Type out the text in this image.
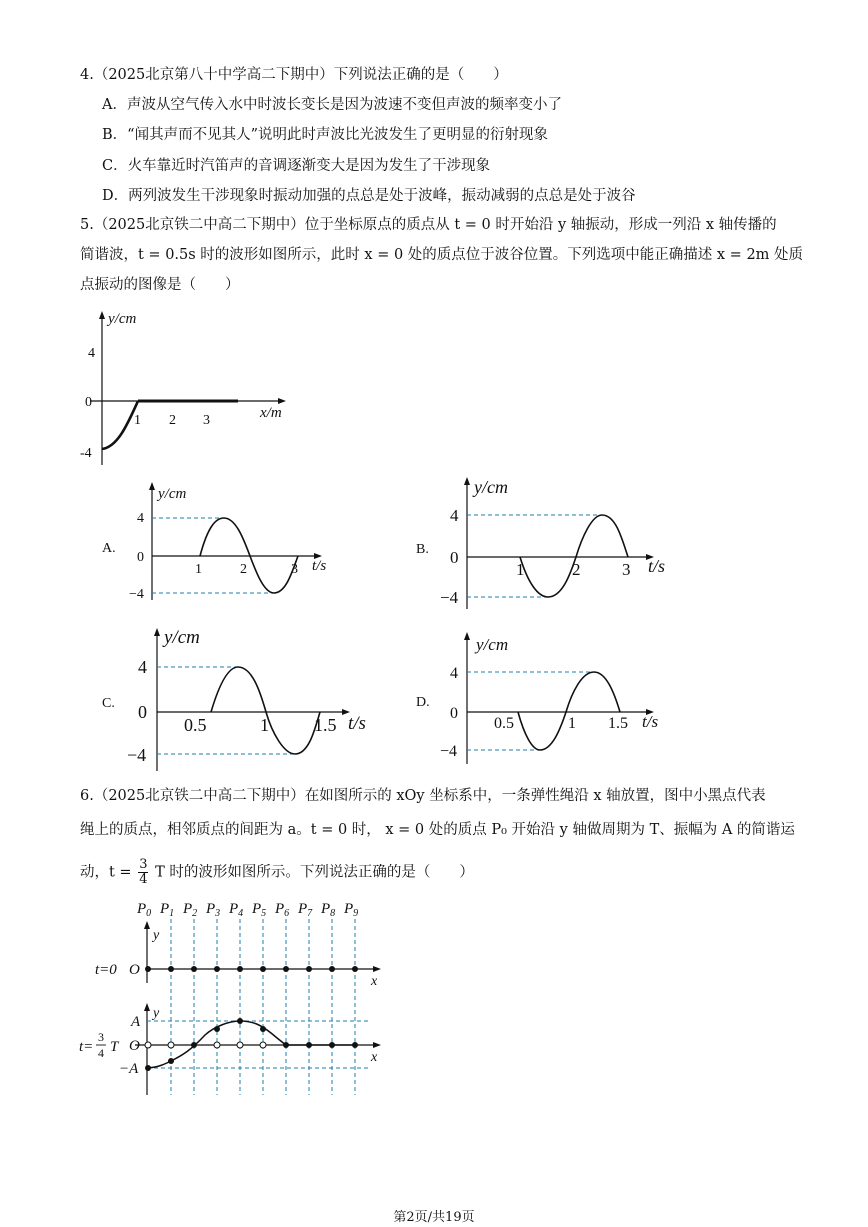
4.（2025北京第八十中学高二下期中）下列说法正确的是（　　）
A．声波从空气传入水中时波长变长是因为波速不变但声波的频率变小了
B．“闻其声而不见其人”说明此时声波比光波发生了更明显的衍射现象
C．火车靠近时汽笛声的音调逐渐变大是因为发生了干涉现象
D．两列波发生干涉现象时振动加强的点总是处于波峰，振动减弱的点总是处于波谷
5.（2025北京铁二中高二下期中）位于坐标原点的质点从 t = 0 时开始沿 y 轴振动，形成一列沿 x 轴传播的
简谐波，t = 0.5s 时的波形如图所示，此时 x = 0 处的质点位于波谷位置。下列选项中能正确描述 x = 2m 处质
点振动的图像是（　　）
y/cm
x/m
4
0
-4
1 2 3
A.
y/cm
t/s
4
0
−4
1	2	3
B.
y/cm
t/s
4
0
−4
1	2 3
C.
y/cm
t/s
4
0
−4
0.5	1	1.5
D.
y/cm
t/s
4
0
−4
0.5	1 1.5
6.（2025北京铁二中高二下期中）在如图所示的 xOy 坐标系中，一条弹性绳沿 x 轴放置，图中小黑点代表
绳上的质点，相邻质点的间距为 a。t = 0 时， x = 0 处的质点 P₀ 开始沿 y 轴做周期为 T、振幅为 A 的简谐运
动，$t = \frac{3}{4}$ T 时的波形如图所示。下列说法正确的是（　　）
$P_0$ $P_1$ $P_2$ $P_3$ $P_4$ $P_5$ $P_6$ $P_7$ $P_8$ $P_9$
y
x
t=0 O
y
x
A
O
−A
t=
3
4 T
第2页/共19页
